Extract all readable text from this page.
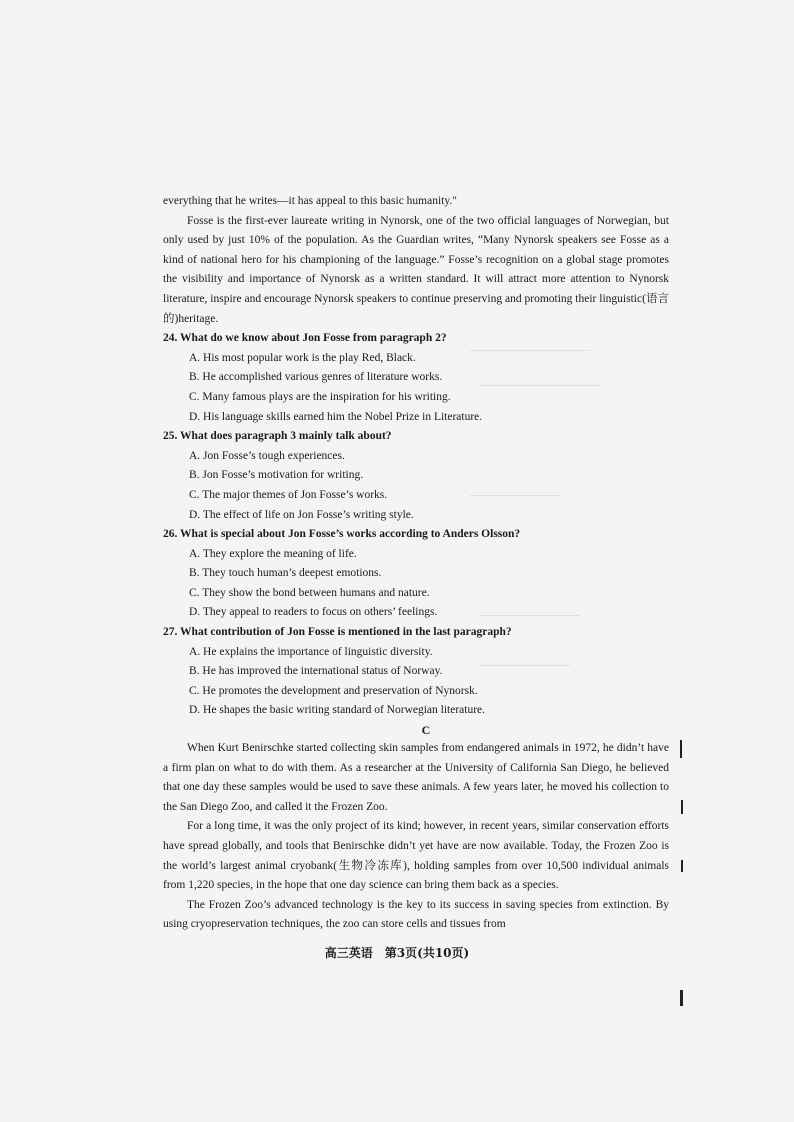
――――――――――――
――――――――――――
―――――――――
――――――――――
―――――――――

everything that he writes—it has appeal to this basic humanity."

Fosse is the first-ever laureate writing in Nynorsk, one of the two official languages of Norwegian, but only used by just 10% of the population. As the Guardian writes, “Many Nynorsk speakers see Fosse as a kind of national hero for his championing of the language.” Fosse’s recognition on a global stage promotes the visibility and importance of Nynorsk as a written standard. It will attract more attention to Nynorsk literature, inspire and encourage Nynorsk speakers to continue preserving and promoting their linguistic(语言的)heritage.

24. What do we know about Jon Fosse from paragraph 2?

A. His most popular work is the play Red, Black.
B. He accomplished various genres of literature works.
C. Many famous plays are the inspiration for his writing.
D. His language skills earned him the Nobel Prize in Literature.

25. What does paragraph 3 mainly talk about?

A. Jon Fosse’s tough experiences.
B. Jon Fosse’s motivation for writing.
C. The major themes of Jon Fosse’s works.
D. The effect of life on Jon Fosse’s writing style.

26. What is special about Jon Fosse’s works according to Anders Olsson?

A. They explore the meaning of life.
B. They touch human’s deepest emotions.
C. They show the bond between humans and nature.
D. They appeal to readers to focus on others’ feelings.

27. What contribution of Jon Fosse is mentioned in the last paragraph?

A. He explains the importance of linguistic diversity.
B. He has improved the international status of Norway.
C. He promotes the development and preservation of Nynorsk.
D. He shapes the basic writing standard of Norwegian literature.

C

When Kurt Benirschke started collecting skin samples from endangered animals in 1972, he didn’t have a firm plan on what to do with them. As a researcher at the University of California San Diego, he believed that one day these samples would be used to save these animals. A few years later, he moved his collection to the San Diego Zoo, and called it the Frozen Zoo.

For a long time, it was the only project of its kind; however, in recent years, similar conservation efforts have spread globally, and tools that Benirschke didn’t yet have are now available. Today, the Frozen Zoo is the world’s largest animal cryobank(生物冷冻库), holding samples from over 10,500 individual animals from 1,220 species, in the hope that one day science can bring them back as a species.

The Frozen Zoo’s advanced technology is the key to its success in saving species from extinction. By using cryopreservation techniques, the zoo can store cells and tissues from

高三英语　第3页(共10页)
